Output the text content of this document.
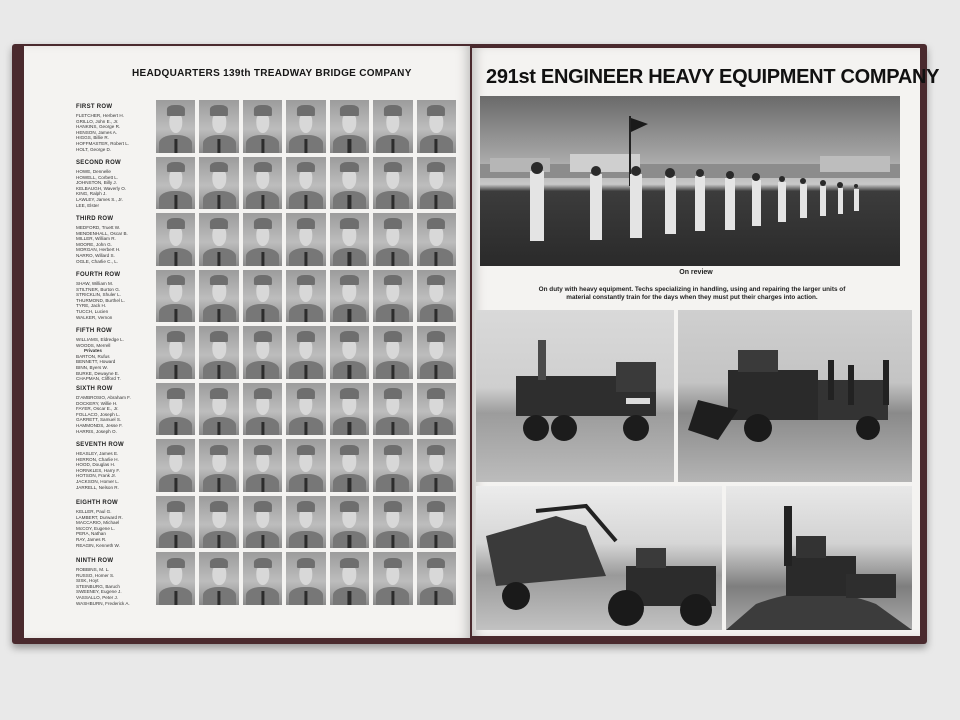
HEADQUARTERS 139th TREADWAY BRIDGE COMPANY
FIRST ROW
FLETCHER, Herbert H.
GRILLO, John E., Jr.
HANKINS, George R.
HENSON, James A.
HIGGS, Billie R.
HOFFMASTER, Robert L.
HOLT, George D.
SECOND ROW
HOWE, Dennelle
HOWELL, Corbett L.
JOHNSTON, Billy J.
KELBAUGH, Waverly O.
KING, Ralph J.
LAWLEY, James S., Jr.
LEE, Elster
THIRD ROW
MEDFORD, Truett W.
MENDENHALL, Oscar B.
MILLER, William R.
MOORE, John G.
MORGAN, Herbert H.
NARRO, Willard S.
OGLE, Charlie C., L.
FOURTH ROW
SHAW, William M.
STILTNER, Burton G.
STRICKLIN, Shuler L.
THURMOND, Burthel L.
TYRE, Jack H.
TUCCH, Lucien
WALKER, Vernon
FIFTH ROW
WILLIAMS, Eldredge L.
WOODS, Merrell
Privates
BARTON, Rufus
BENNETT, Howard
BINN, Byers W.
BURKE, Dewayne E.
CHAPMAN, Clifford T.
SIXTH ROW
D'AMBROSIO, Abraham F.
DOCKERY, Willie H.
FAYER, Oscar E., Jr.
FOLLACO, Joseph L.
GARRETT, Samuel S.
HAMMONDS, Jesse F.
HARRIS, Joseph O.
SEVENTH ROW
HEASLEY, James E.
HERRON, Charlie H.
HOOD, Douglas H.
HORNKLES, Harry F.
HOTSON, Frank Jr.
JACKSON, Homer L.
JARRELL, Nelson R.
EIGHTH ROW
KELLER, Paul G.
LAMBERT, Durward R.
MACCARIO, Michael
McCOY, Eugene L.
PERA, Nathan
RAY, James R.
REAGIN, Kenneth W.
NINTH ROW
ROBBINS, M. L.
RUSSO, Homer S.
SISK, Hoyt
STEINBURG, Baruch
SWEENEY, Eugene J.
VASSALLO, Peter J.
WASHBURN, Frederick A.
291st ENGINEER HEAVY EQUIPMENT COMPANY
On review
On duty with heavy equipment. Techs specializing in handling, using and repairing the larger units of material constantly train for the days when they must put their charges into action.
